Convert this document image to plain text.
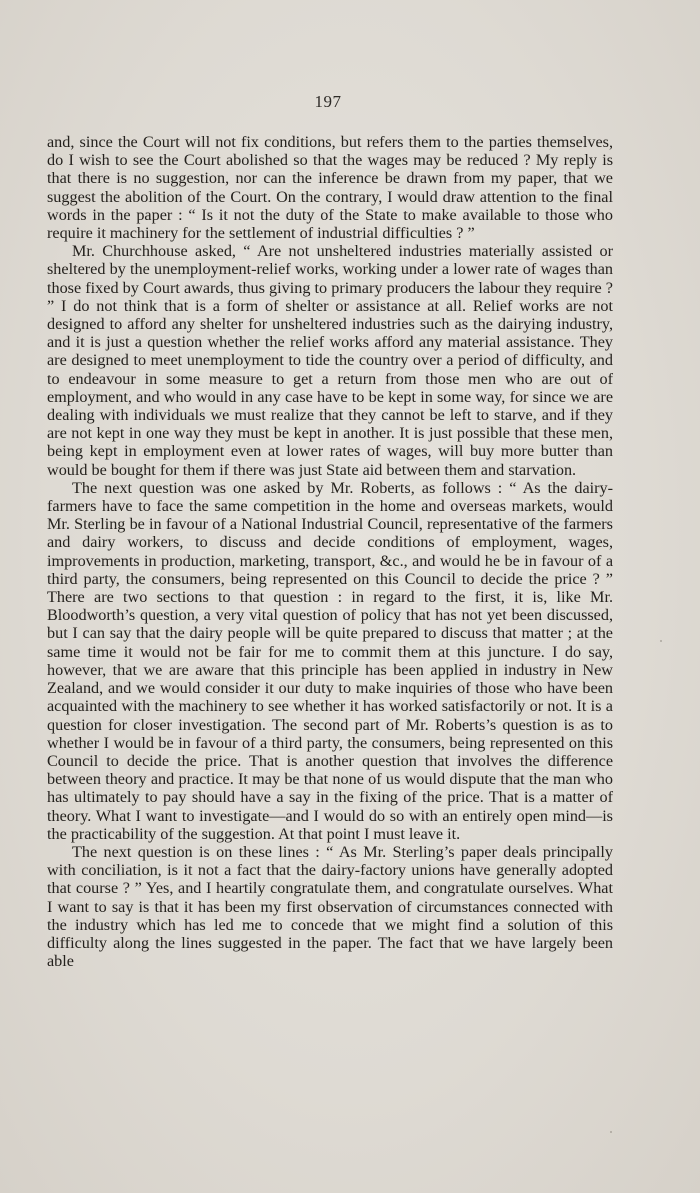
197

and, since the Court will not fix conditions, but refers them to the parties themselves, do I wish to see the Court abolished so that the wages may be reduced ? My reply is that there is no suggestion, nor can the inference be drawn from my paper, that we suggest the abolition of the Court. On the contrary, I would draw attention to the final words in the paper : “ Is it not the duty of the State to make available to those who require it machinery for the settlement of industrial difficulties ? ”

Mr. Churchhouse asked, “ Are not unsheltered industries materially assisted or sheltered by the unemployment-relief works, working under a lower rate of wages than those fixed by Court awards, thus giving to primary producers the labour they require ? ” I do not think that is a form of shelter or assistance at all. Relief works are not designed to afford any shelter for unsheltered industries such as the dairying industry, and it is just a question whether the relief works afford any material assistance. They are designed to meet unemployment to tide the country over a period of difficulty, and to endeavour in some measure to get a return from those men who are out of employment, and who would in any case have to be kept in some way, for since we are dealing with individuals we must realize that they cannot be left to starve, and if they are not kept in one way they must be kept in another. It is just possible that these men, being kept in employment even at lower rates of wages, will buy more butter than would be bought for them if there was just State aid between them and starvation.

The next question was one asked by Mr. Roberts, as follows : “ As the dairy-farmers have to face the same competition in the home and overseas markets, would Mr. Sterling be in favour of a National Industrial Council, representative of the farmers and dairy workers, to discuss and decide conditions of employment, wages, improvements in production, marketing, transport, &c., and would he be in favour of a third party, the consumers, being represented on this Council to decide the price ? ” There are two sections to that question : in regard to the first, it is, like Mr. Bloodworth’s question, a very vital question of policy that has not yet been discussed, but I can say that the dairy people will be quite prepared to discuss that matter ; at the same time it would not be fair for me to commit them at this juncture. I do say, however, that we are aware that this principle has been applied in industry in New Zealand, and we would consider it our duty to make inquiries of those who have been acquainted with the machinery to see whether it has worked satisfactorily or not. It is a question for closer investigation. The second part of Mr. Roberts’s question is as to whether I would be in favour of a third party, the consumers, being represented on this Council to decide the price. That is another question that involves the difference between theory and practice. It may be that none of us would dispute that the man who has ultimately to pay should have a say in the fixing of the price. That is a matter of theory. What I want to investigate—and I would do so with an entirely open mind—is the practicability of the suggestion. At that point I must leave it.

The next question is on these lines : “ As Mr. Sterling’s paper deals principally with conciliation, is it not a fact that the dairy-factory unions have generally adopted that course ? ” Yes, and I heartily congratulate them, and congratulate ourselves. What I want to say is that it has been my first observation of circumstances connected with the industry which has led me to concede that we might find a solution of this difficulty along the lines suggested in the paper. The fact that we have largely been able
